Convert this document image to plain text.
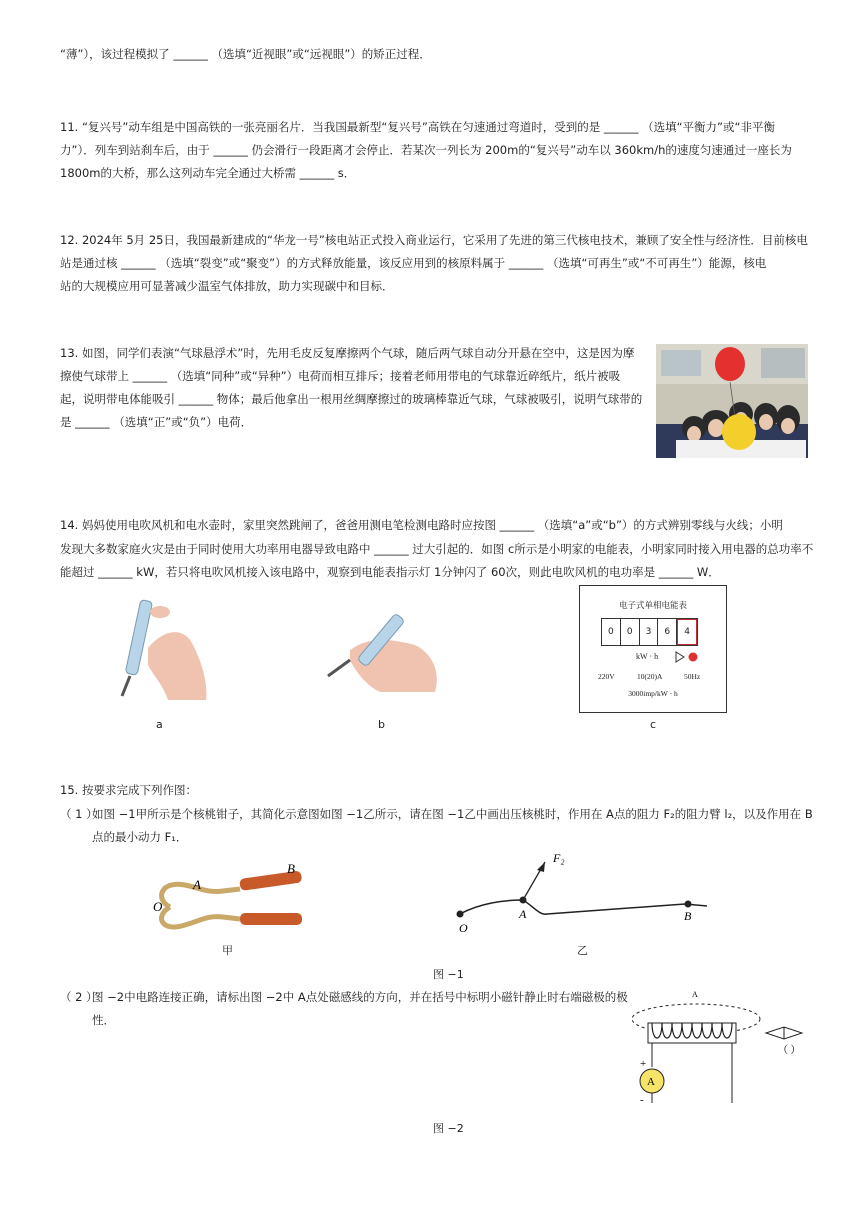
“薄”），该过程模拟了 ______ （选填“近视眼”或“远视眼”）的矫正过程．
11. “复兴号”动车组是中国高铁的一张亮丽名片．当我国最新型“复兴号”高铁在匀速通过弯道时，受到的是 ______ （选填“平衡力”或“非平衡
力”）．列车到站刹车后，由于 ______ 仍会滑行一段距离才会停止．若某次一列长为 200m的“复兴号”动车以 360km/h的速度匀速通过一座长为
1800m的大桥，那么这列动车完全通过大桥需 ______ s．
12. 2024年 5月 25日，我国最新建成的“华龙一号”核电站正式投入商业运行，它采用了先进的第三代核电技术，兼顾了安全性与经济性．目前核电
站是通过核 ______ （选填“裂变”或“聚变”）的方式释放能量，该反应用到的核原料属于 ______ （选填“可再生”或“不可再生”）能源，核电
站的大规模应用可显著减少温室气体排放，助力实现碳中和目标．
13. 如图，同学们表演“气球悬浮术”时，先用毛皮反复摩擦两个气球，随后两气球自动分开悬在空中，这是因为摩
擦使气球带上 ______ （选填“同种”或“异种”）电荷而相互排斥；接着老师用带电的气球靠近碎纸片，纸片被吸
起，说明带电体能吸引 ______ 物体；最后他拿出一根用丝绸摩擦过的玻璃棒靠近气球，气球被吸引，说明气球带的
是 ______ （选填“正”或“负”）电荷．
14. 妈妈使用电吹风机和电水壶时，家里突然跳闸了，爸爸用测电笔检测电路时应按图 ______ （选填“a”或“b”）的方式辨别零线与火线；小明
发现大多数家庭火灾是由于同时使用大功率用电器导致电路中 ______ 过大引起的．如图 c所示是小明家的电能表，小明家同时接入用电器的总功率不
能超过 ______ kW，若只将电吹风机接入该电路中，观察到电能表指示灯 1分钟闪了 60次，则此电吹风机的电功率是 ______ W．
a	b
电子式单相电能表
0	0	3	6	4
kW · h
220V	10(20)A	50Hz
3000imp/kW · h
c
15. 按要求完成下列作图：
（ 1 ）
如图 −1甲所示是个核桃钳子，其简化示意图如图 −1乙所示，请在图 −1乙中画出压核桃时，作用在 A点的阻力 F₂的阻力臂 l₂，以及作用在 B
点的最小动力 F₁．
O
A
B
甲
F₂
O
A	B
乙
图 −1
（ 2 ）
图 −2中电路连接正确，请标出图 −2中 A点处磁感线的方向，并在括号中标明小磁针静止时右端磁极的极
性．
A
+
-
A
（ ）
图 −2
